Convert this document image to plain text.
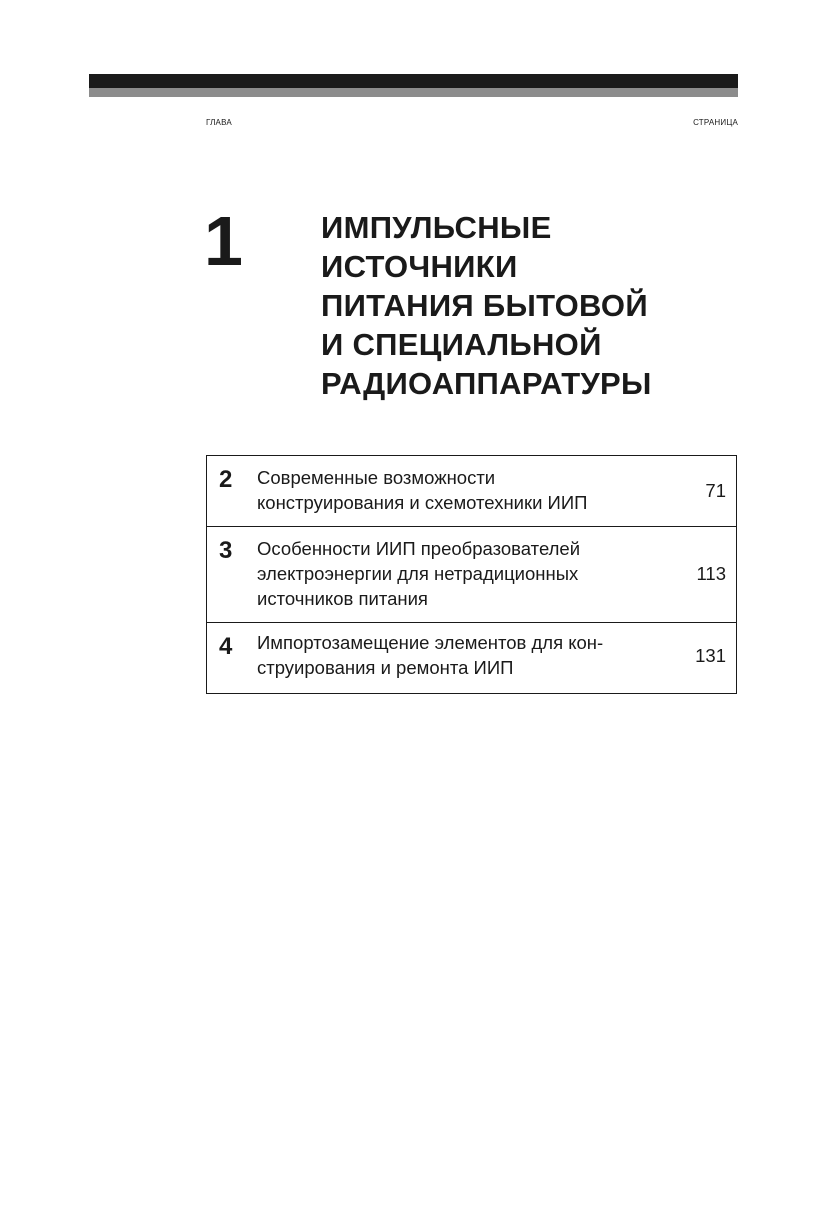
ГЛАВА	СТРАНИЦА
1	ИМПУЛЬСНЫЕ
ИСТОЧНИКИ
ПИТАНИЯ БЫТОВОЙ
И СПЕЦИАЛЬНОЙ
РАДИОАППАРАТУРЫ
2 Современные возможности
конструирования и схемотехники ИИП
71
3 Особенности ИИП преобразователей
электроэнергии для нетрадиционных
источников питания
113
4 Импортозамещение элементов для кон-
струирования и ремонта ИИП
131
